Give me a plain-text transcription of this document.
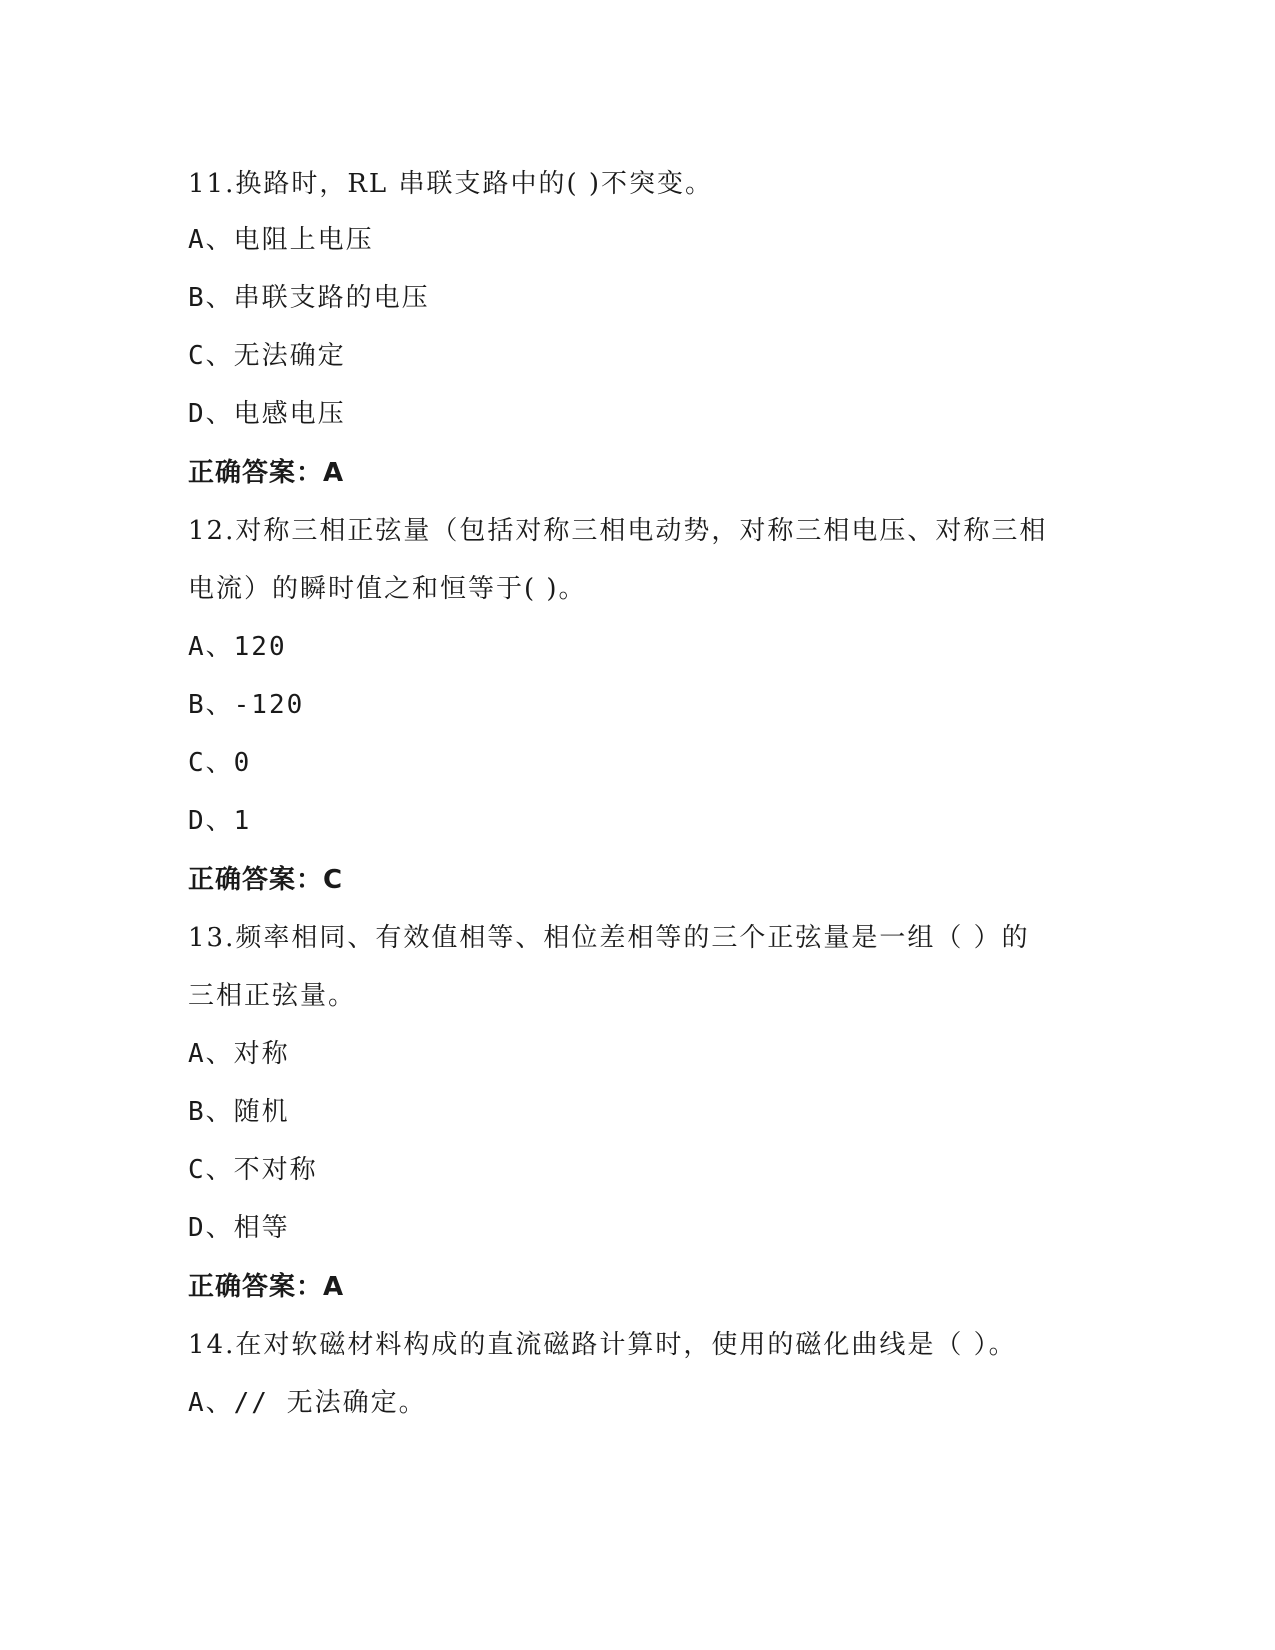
11.换路时，RL 串联支路中的( )不突变。
A、电阻上电压
B、串联支路的电压
C、无法确定
D、电感电压
正确答案：A
12.对称三相正弦量（包括对称三相电动势，对称三相电压、对称三相
电流）的瞬时值之和恒等于( )。
A、120
B、-120
C、0
D、1
正确答案：C
13.频率相同、有效值相等、相位差相等的三个正弦量是一组（ ）的
三相正弦量。
A、对称
B、随机
C、不对称
D、相等
正确答案：A
14.在对软磁材料构成的直流磁路计算时，使用的磁化曲线是（ ）。
A、// 无法确定。
